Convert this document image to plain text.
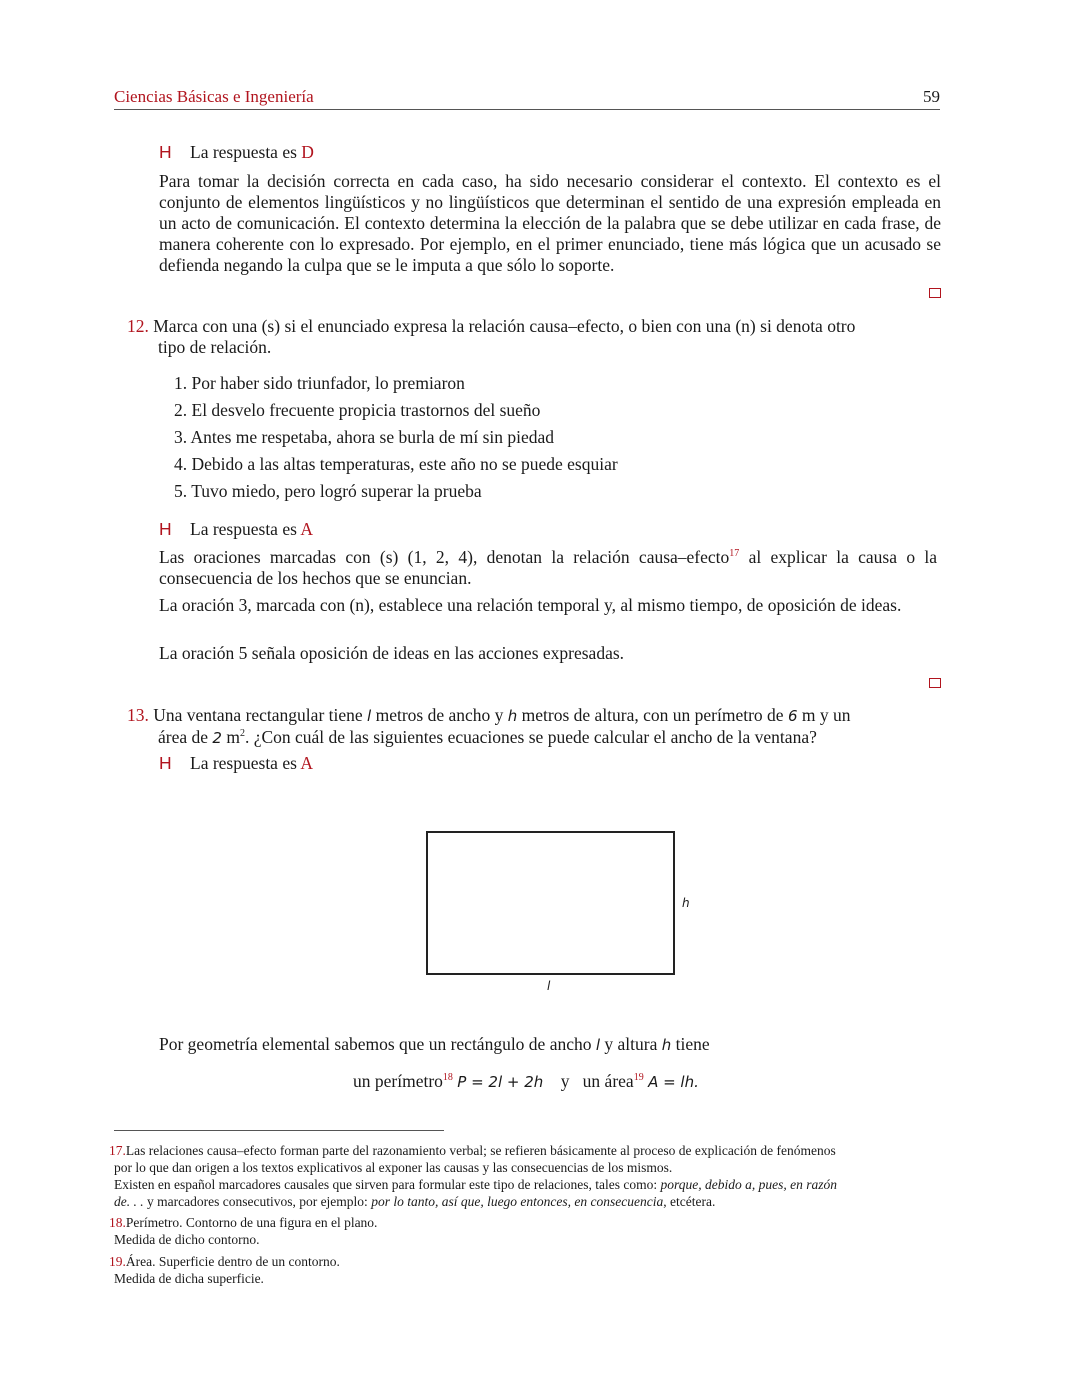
Ciencias Básicas e Ingeniería	59
H La respuesta es D
Para tomar la decisión correcta en cada caso, ha sido necesario considerar el contexto. El contexto es el conjunto de elementos lingüísticos y no lingüísticos que determinan el sentido de una expresión empleada en un acto de comunicación. El contexto determina la elección de la palabra que se debe utilizar en cada frase, de manera coherente con lo expresado. Por ejemplo, en el primer enunciado, tiene más lógica que un acusado se defienda negando la culpa que se le imputa a que sólo lo soporte.
12. Marca con una (s) si el enunciado expresa la relación causa–efecto, o bien con una (n) si denota otro
tipo de relación.
1. Por haber sido triunfador, lo premiaron
2. El desvelo frecuente propicia trastornos del sueño
3. Antes me respetaba, ahora se burla de mí sin piedad
4. Debido a las altas temperaturas, este año no se puede esquiar
5. Tuvo miedo, pero logró superar la prueba
H La respuesta es A
Las oraciones marcadas con (s) (1, 2, 4), denotan la relación causa–efecto$^{17}$ al explicar la causa o la consecuencia de los hechos que se enuncian.
La oración 3, marcada con (n), establece una relación temporal y, al mismo tiempo, de oposición de ideas.
La oración 5 señala oposición de ideas en las acciones expresadas.
13. Una ventana rectangular tiene l metros de ancho y h metros de altura, con un perímetro de 6 m y un
área de 2 $m^2$. ¿Con cuál de las siguientes ecuaciones se puede calcular el ancho de la ventana?
H La respuesta es A
h
l
Por geometría elemental sabemos que un rectángulo de ancho l y altura h tiene
un perímetro$^{18}$ P = 2l + 2h y un área$^{19}$ A = lh.
17.Las relaciones causa–efecto forman parte del razonamiento verbal; se refieren básicamente al proceso de explicación de fenómenos
por lo que dan origen a los textos explicativos al exponer las causas y las consecuencias de los mismos.
Existen en español marcadores causales que sirven para formular este tipo de relaciones, tales como: porque, debido a, pues, en razón
de. . . y marcadores consecutivos, por ejemplo: por lo tanto, así que, luego entonces, en consecuencia, etcétera.
18.Perímetro. Contorno de una figura en el plano.
Medida de dicho contorno.
19.Área. Superficie dentro de un contorno.
Medida de dicha superficie.
